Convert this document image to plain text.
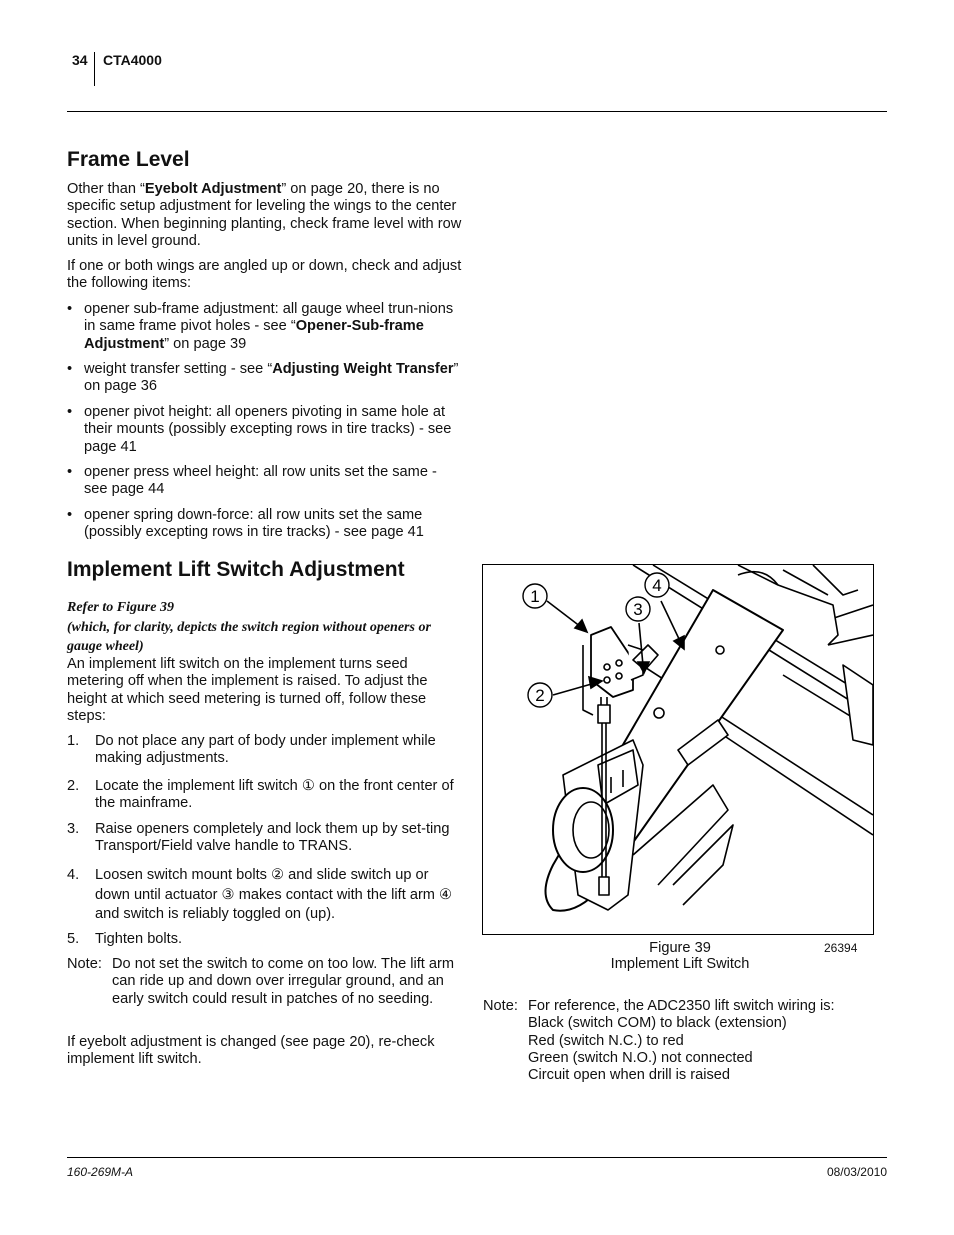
34 CTA4000
Frame Level
Other than “Eyebolt Adjustment” on page 20, there is no specific setup adjustment for leveling the wings to the center section. When beginning planting, check frame level with row units in level ground.
If one or both wings are angled up or down, check and adjust the following items:
• opener sub-frame adjustment: all gauge wheel trun-nions in same frame pivot holes - see “Opener-Sub-frame Adjustment” on page 39
• weight transfer setting - see “Adjusting Weight Transfer” on page 36
• opener pivot height: all openers pivoting in same hole at their mounts (possibly excepting rows in tire tracks) - see page 41
• opener press wheel height: all row units set the same - see page 44
• opener spring down-force: all row units set the same (possibly excepting rows in tire tracks) - see page 41
Implement Lift Switch Adjustment
Refer to Figure 39
(which, for clarity, depicts the switch region without openers or gauge wheel)
An implement lift switch on the implement turns seed metering off when the implement is raised. To adjust the height at which seed metering is turned off, follow these steps:
1. Do not place any part of body under implement while making adjustments.
2. Locate the implement lift switch ① on the front center of the mainframe.
3. Raise openers completely and lock them up by set-ting Transport/Field valve handle to TRANS.
4. Loosen switch mount bolts ② and slide switch up or down until actuator ③ makes contact with the lift arm ④ and switch is reliably toggled on (up).
5. Tighten bolts.
Note: Do not set the switch to come on too low. The lift arm can ride up and down over irregular ground, and an early switch could result in patches of no seeding.
If eyebolt adjustment is changed (see page 20), re-check implement lift switch.
1
2
3
4
Figure 39
Implement Lift Switch
26394
Note: For reference, the ADC2350 lift switch wiring is:
Black (switch COM) to black (extension)
Red (switch N.C.) to red
Green (switch N.O.) not connected
Circuit open when drill is raised
160-269M-A	08/03/2010
